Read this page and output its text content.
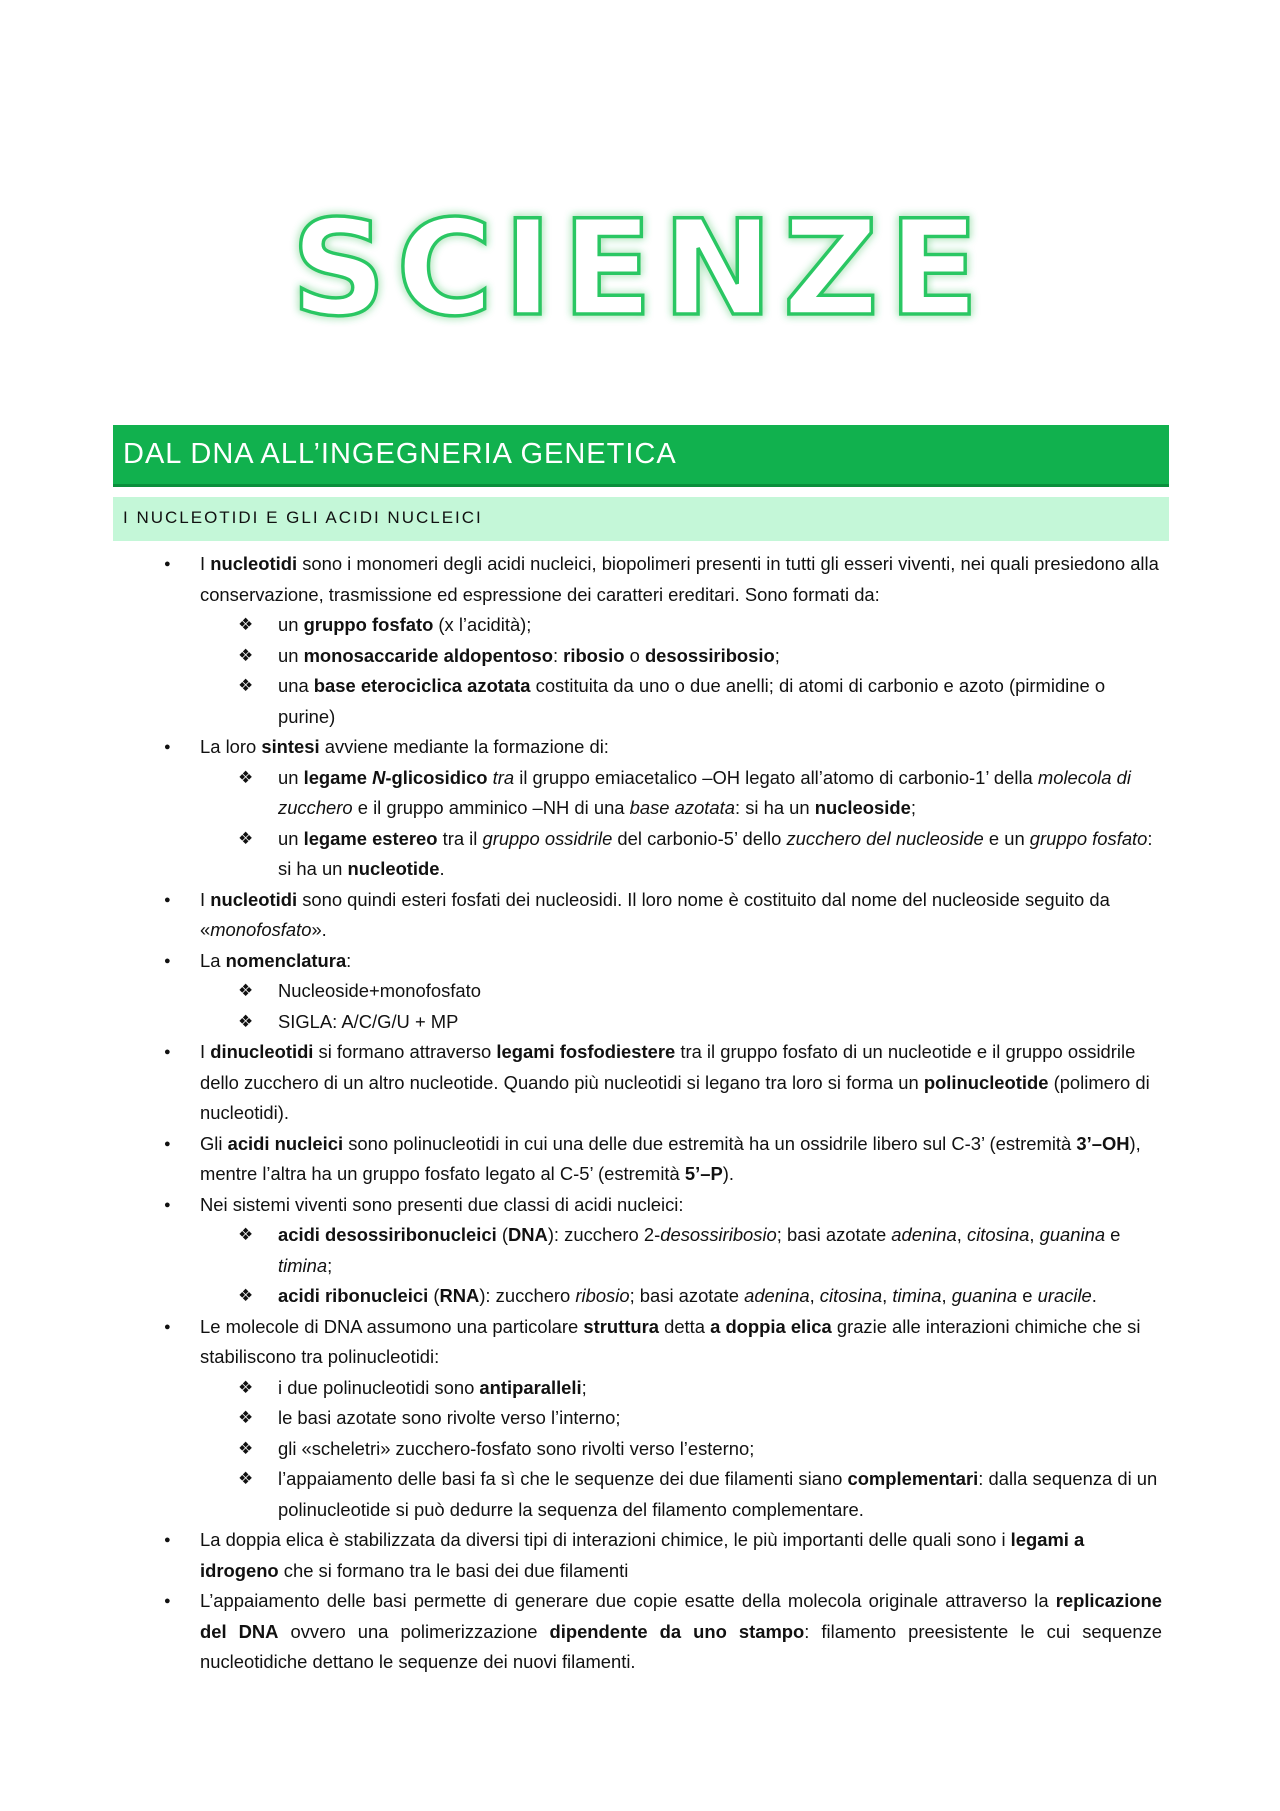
SCIENZE
DAL DNA ALL’INGEGNERIA GENETICA
I NUCLEOTIDI E GLI ACIDI NUCLEICI
● I nucleotidi sono i monomeri degli acidi nucleici, biopolimeri presenti in tutti gli esseri viventi, nei quali presiedono alla conservazione, trasmissione ed espressione dei caratteri ereditari. Sono formati da:
❖ un gruppo fosfato (x l’acidità);
❖ un monosaccaride aldopentoso: ribosio o desossiribosio;
❖ una base eterociclica azotata costituita da uno o due anelli; di atomi di carbonio e azoto (pirmidine o purine)
● La loro sintesi avviene mediante la formazione di:
❖ un legame N-glicosidico tra il gruppo emiacetalico –OH legato all’atomo di carbonio-1’ della molecola di zucchero e il gruppo amminico –NH di una base azotata: si ha un nucleoside;
❖ un legame estereo tra il gruppo ossidrile del carbonio-5’ dello zucchero del nucleoside e un gruppo fosfato: si ha un nucleotide.
● I nucleotidi sono quindi esteri fosfati dei nucleosidi. Il loro nome è costituito dal nome del nucleoside seguito da «monofosfato».
● La nomenclatura:
❖ Nucleoside+monofosfato
❖ SIGLA: A/C/G/U + MP
● I dinucleotidi si formano attraverso legami fosfodiestere tra il gruppo fosfato di un nucleotide e il gruppo ossidrile dello zucchero di un altro nucleotide. Quando più nucleotidi si legano tra loro si forma un polinucleotide (polimero di nucleotidi).
● Gli acidi nucleici sono polinucleotidi in cui una delle due estremità ha un ossidrile libero sul C-3’ (estremità 3’–OH), mentre l’altra ha un gruppo fosfato legato al C-5’ (estremità 5’–P).
● Nei sistemi viventi sono presenti due classi di acidi nucleici:
❖ acidi desossiribonucleici (DNA): zucchero 2-desossiribosio; basi azotate adenina, citosina, guanina e timina;
❖ acidi ribonucleici (RNA): zucchero ribosio; basi azotate adenina, citosina, timina, guanina e uracile.
● Le molecole di DNA assumono una particolare struttura detta a doppia elica grazie alle interazioni chimiche che si stabiliscono tra polinucleotidi:
❖ i due polinucleotidi sono antiparalleli;
❖ le basi azotate sono rivolte verso l’interno;
❖ gli «scheletri» zucchero-fosfato sono rivolti verso l’esterno;
❖ l’appaiamento delle basi fa sì che le sequenze dei due filamenti siano complementari: dalla sequenza di un polinucleotide si può dedurre la sequenza del filamento complementare.
● La doppia elica è stabilizzata da diversi tipi di interazioni chimice, le più importanti delle quali sono i legami a idrogeno che si formano tra le basi dei due filamenti
● L’appaiamento delle basi permette di generare due copie esatte della molecola originale attraverso la replicazione del DNA ovvero una polimerizzazione dipendente da uno stampo: filamento preesistente le cui sequenze nucleotidiche dettano le sequenze dei nuovi filamenti.
